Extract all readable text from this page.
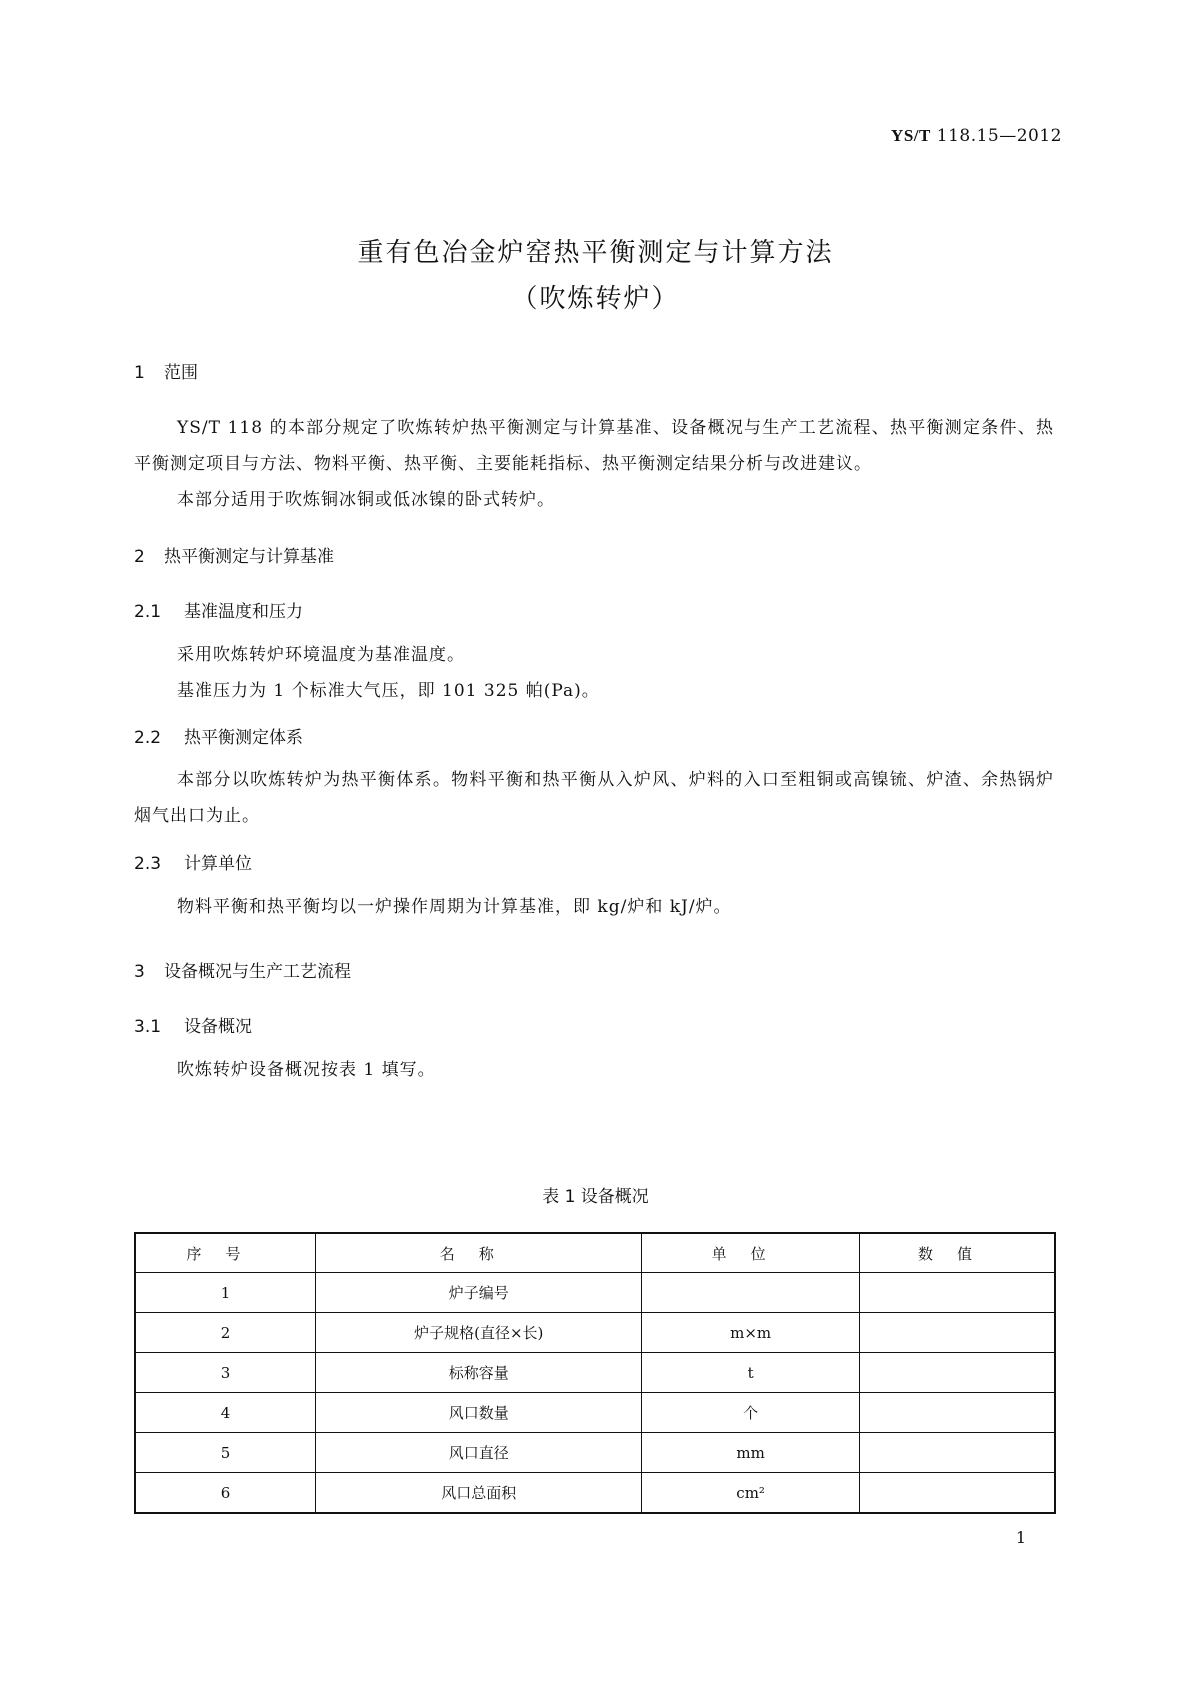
YS/T 118.15—2012
重有色冶金炉窑热平衡测定与计算方法
（吹炼转炉）
1 范围
YS/T 118 的本部分规定了吹炼转炉热平衡测定与计算基准、设备概况与生产工艺流程、热平衡测定条件、热平衡测定项目与方法、物料平衡、热平衡、主要能耗指标、热平衡测定结果分析与改进建议。
本部分适用于吹炼铜冰铜或低冰镍的卧式转炉。
2 热平衡测定与计算基准
2.1 基准温度和压力
采用吹炼转炉环境温度为基准温度。
基准压力为 1 个标准大气压，即 101 325 帕(Pa)。
2.2 热平衡测定体系
本部分以吹炼转炉为热平衡体系。物料平衡和热平衡从入炉风、炉料的入口至粗铜或高镍锍、炉渣、余热锅炉烟气出口为止。
2.3 计算单位
物料平衡和热平衡均以一炉操作周期为计算基准，即 kg/炉和 kJ/炉。
3 设备概况与生产工艺流程
3.1 设备概况
吹炼转炉设备概况按表 1 填写。
表 1 设备概况
序号	名称	单位	数值
1	炉子编号		
2	炉子规格(直径×长)	m×m	
3	标称容量	t	
4	风口数量	个	
5	风口直径	mm	
6	风口总面积	cm²	
1
